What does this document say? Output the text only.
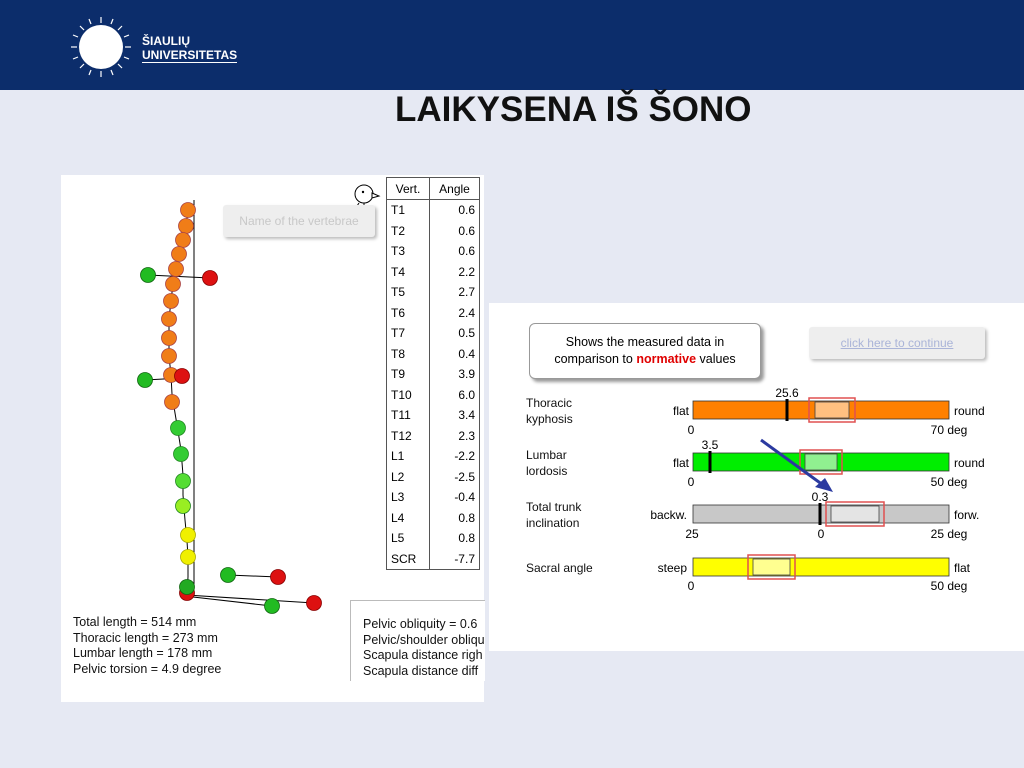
ŠIAULIŲ
UNIVERSITETAS
LAIKYSENA IŠ ŠONO
Name of the vertebrae
Vert.	Angle
T1	0.6
T2	0.6
T3	0.6
T4	2.2
T5	2.7
T6	2.4
T7	0.5
T8	0.4
T9	3.9
T10	6.0
T11	3.4
T12	2.3
L1	-2.2
L2	-2.5
L3	-0.4
L4	0.8
L5	0.8
SCR	-7.7
Total length = 514 mm
Thoracic length = 273 mm
Lumbar length = 178 mm
Pelvic torsion = 4.9 degree
Pelvic obliquity = 0.6
Pelvic/shoulder obliqu
Scapula distance righ
Scapula distance diff
Shows the measured data in
comparison to normative values
click here to continue
Thoracic
kyphosis
Lumbar
lordosis
Total trunk
inclination
Sacral angle
25.6
flat	round
0	70 deg
3.5
flat	round
0	50 deg
0.3
backw.	forw.
25	0	25 deg
steep	flat
0	50 deg
